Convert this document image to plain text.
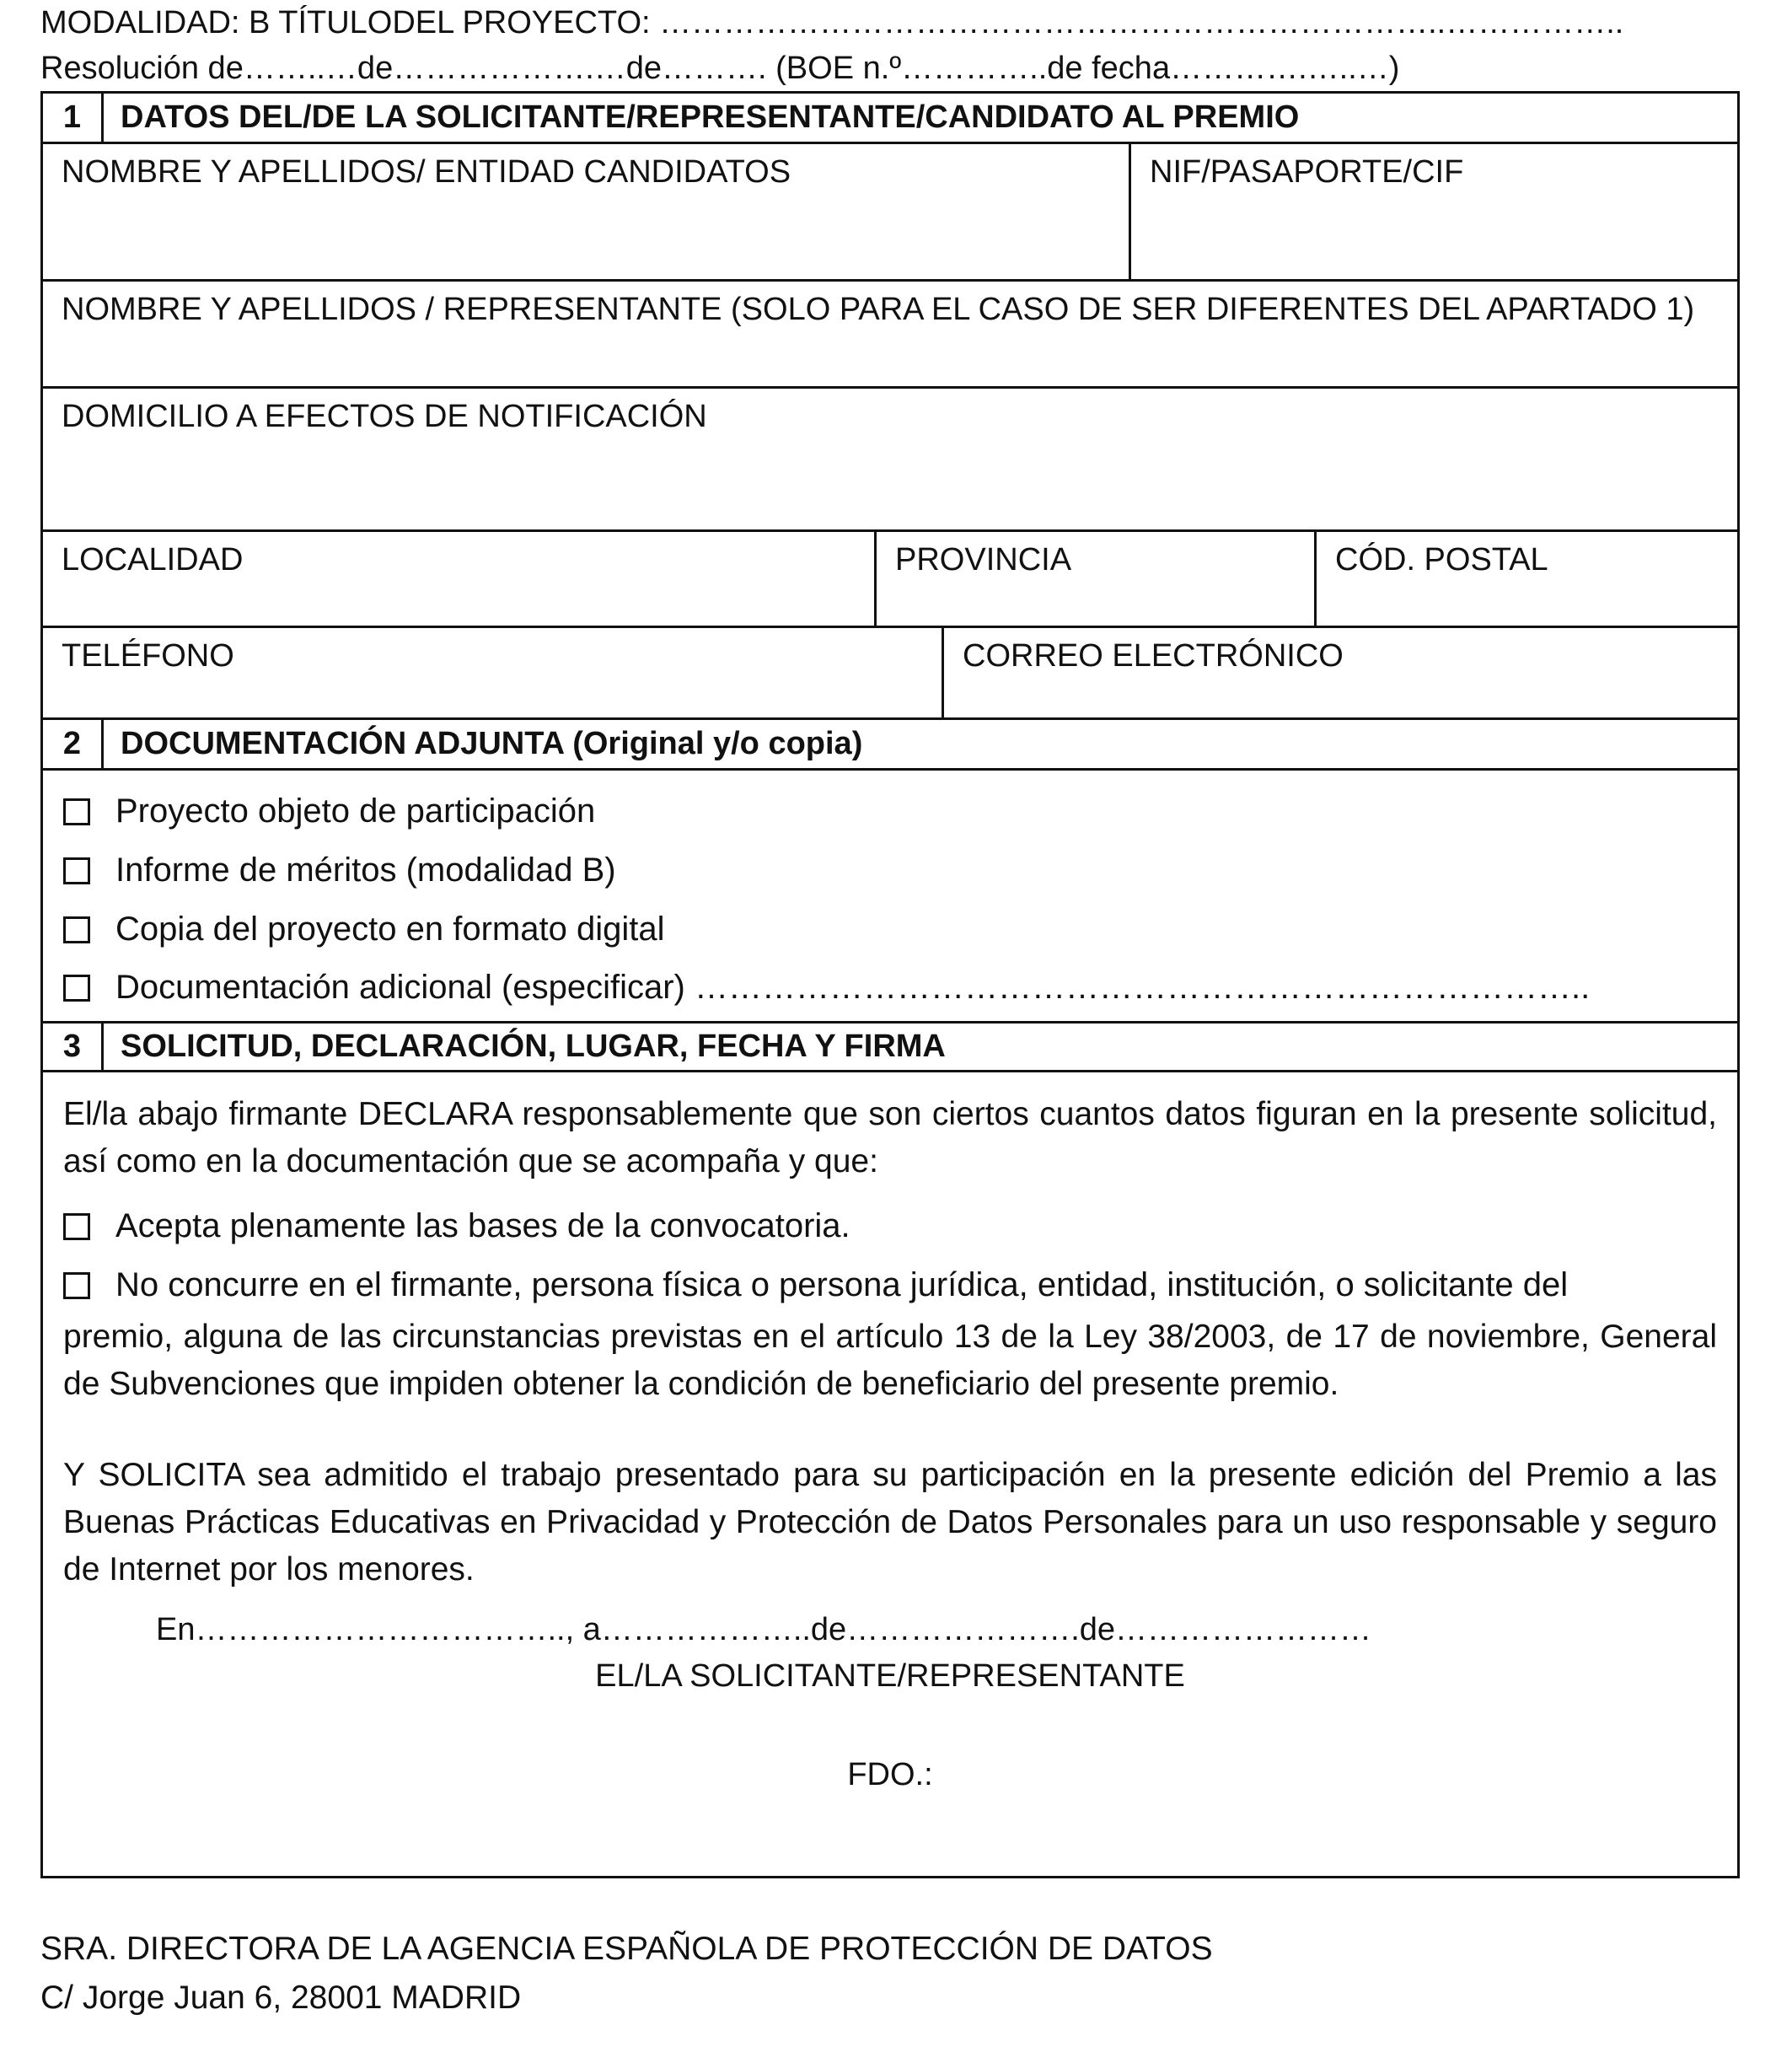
MODALIDAD: B TÍTULODEL PROYECTO: ………………………………………………………………..……………..
Resolución de……..…de……………….…de………. (BOE n.º…………..de fecha………….…..…)
1	DATOS DEL/DE LA SOLICITANTE/REPRESENTANTE/CANDIDATO AL PREMIO
NOMBRE Y APELLIDOS/ ENTIDAD CANDIDATOS	NIF/PASAPORTE/CIF
NOMBRE Y APELLIDOS / REPRESENTANTE (SOLO PARA EL CASO DE SER DIFERENTES DEL APARTADO 1)
DOMICILIO A EFECTOS DE NOTIFICACIÓN
LOCALIDAD	PROVINCIA	CÓD. POSTAL
TELÉFONO	CORREO ELECTRÓNICO
2	DOCUMENTACIÓN ADJUNTA (Original y/o copia)
Proyecto objeto de participación
Informe de méritos (modalidad B)
Copia del proyecto en formato digital
Documentación adicional (especificar) ……………………………………………………………………..
3	SOLICITUD, DECLARACIÓN, LUGAR, FECHA Y FIRMA
El/la abajo firmante DECLARA responsablemente que son ciertos cuantos datos figuran en la presente solicitud, así como en la documentación que se acompaña y que:
Acepta plenamente las bases de la convocatoria.
No concurre en el firmante, persona física o persona jurídica, entidad, institución, o solicitante del
premio, alguna de las circunstancias previstas en el artículo 13 de la Ley 38/2003, de 17 de noviembre, General de Subvenciones que impiden obtener la condición de beneficiario del presente premio.
Y SOLICITA sea admitido el trabajo presentado para su participación en la presente edición del Premio a las Buenas Prácticas Educativas en Privacidad y Protección de Datos Personales para un uso responsable y seguro de Internet por los menores.
En…………………………….., a………………..de………………….de……………………
EL/LA SOLICITANTE/REPRESENTANTE
FDO.:
SRA. DIRECTORA DE LA AGENCIA ESPAÑOLA DE PROTECCIÓN DE DATOS
C/ Jorge Juan 6, 28001 MADRID
